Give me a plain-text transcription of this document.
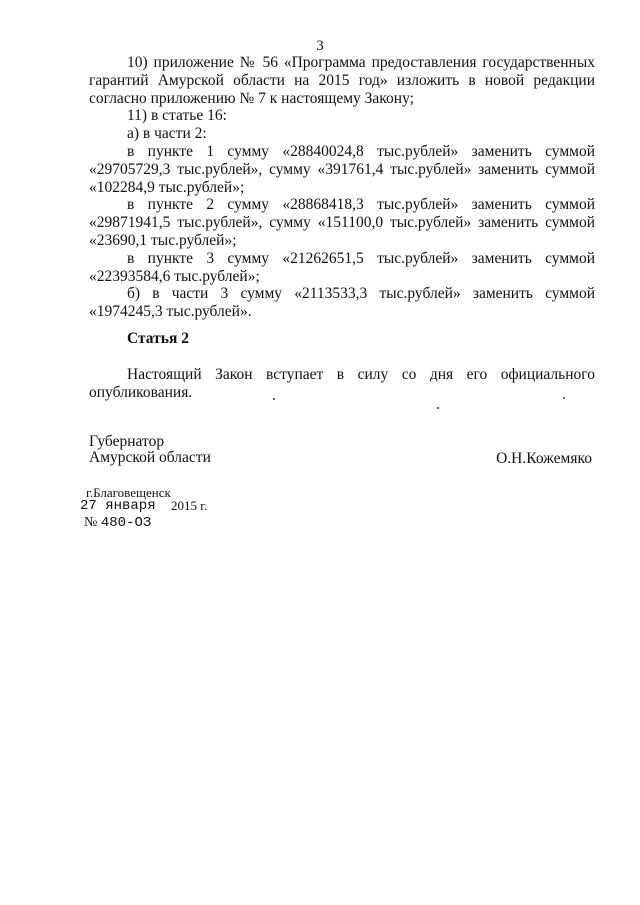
3

10) приложение № 56 «Программа предоставления государственных гарантий Амурской области на 2015 год» изложить в новой редакции согласно приложению № 7 к настоящему Закону;

11) в статье 16:

а) в части 2:

в пункте 1 сумму «28840024,8 тыс.рублей» заменить суммой «29705729,3 тыс.рублей», сумму «391761,4 тыс.рублей» заменить суммой «102284,9 тыс.рублей»;

в пункте 2 сумму «28868418,3 тыс.рублей» заменить суммой «29871941,5 тыс.рублей», сумму «151100,0 тыс.рублей» заменить суммой «23690,1 тыс.рублей»;

в пункте 3 сумму «21262651,5 тыс.рублей» заменить суммой «22393584,6 тыс.рублей»;

б) в части 3 сумму «2113533,3 тыс.рублей» заменить суммой «1974245,3 тыс.рублей».

Статья 2

Настоящий Закон вступает в силу со дня его официального опубликования.

Губернатор
Амурской области	О.Н.Кожемяко
г.Благовещенск
27 января 2015 г.
№ 480-ОЗ
